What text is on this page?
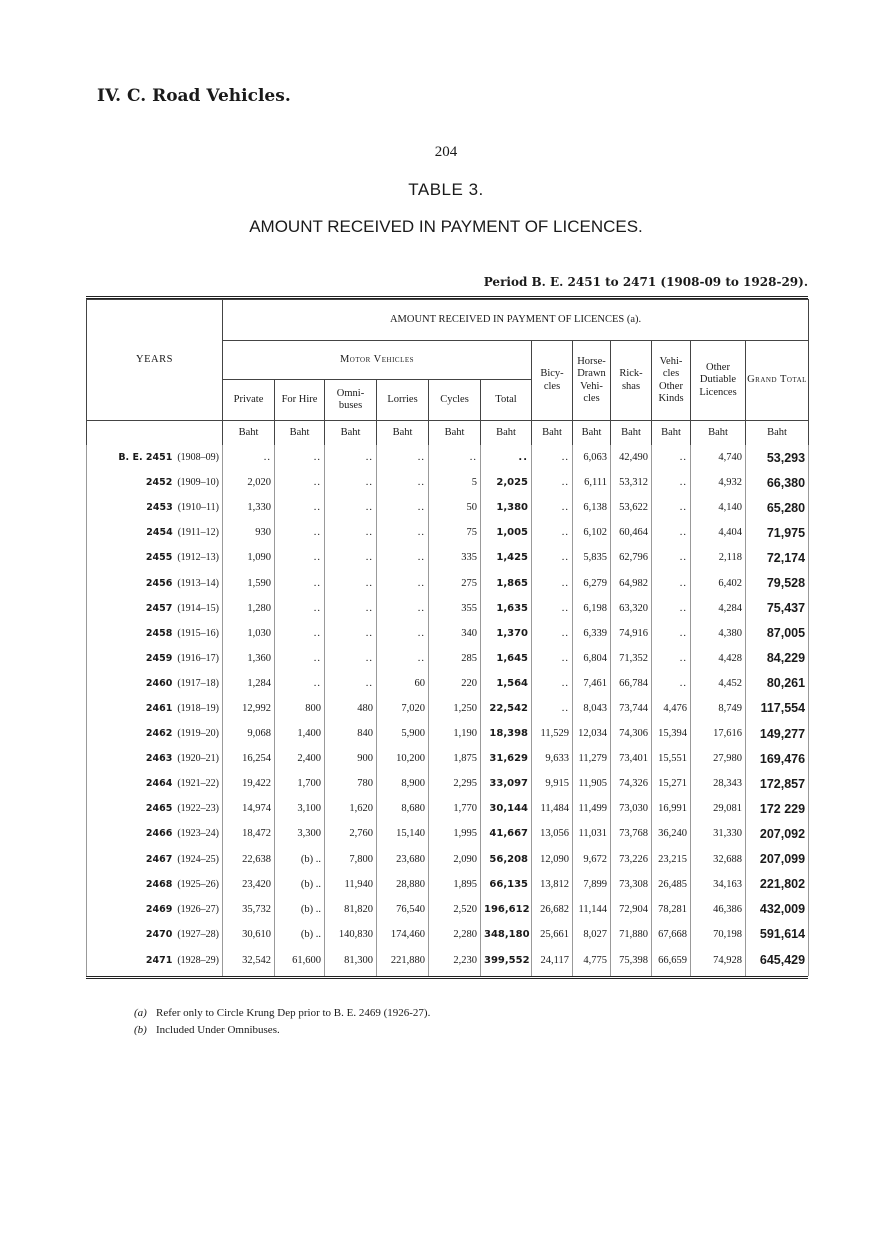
IV. C. Road Vehicles.
204
TABLE 3.
AMOUNT RECEIVED IN PAYMENT OF LICENCES.
Period B. E. 2451 to 2471 (1908-09 to 1928-29).
YEARS	AMOUNT RECEIVED IN PAYMENT OF LICENCES (a).											
	Motor Vehicles						Bicy-cles	Horse-Drawn Vehi-cles	Rick-shas	Vehi-cles Other Kinds	Other Dutiable Licences	Grand Total
	Private	For Hire	Omni-buses	Lorries	Cycles	Total						
	Baht	Baht	Baht	Baht	Baht	Baht	Baht	Baht	Baht	Baht	Baht	Baht
B. E. 2451 (1908–09)	..	..	..	..	..	..	..	6,063	42,490	..	4,740	53,293
2452 (1909–10)	2,020	..	..	..	5	2,025	..	6,111	53,312	..	4,932	66,380
2453 (1910–11)	1,330	..	..	..	50	1,380	..	6,138	53,622	..	4,140	65,280
2454 (1911–12)	930	..	..	..	75	1,005	..	6,102	60,464	..	4,404	71,975
2455 (1912–13)	1,090	..	..	..	335	1,425	..	5,835	62,796	..	2,118	72,174
2456 (1913–14)	1,590	..	..	..	275	1,865	..	6,279	64,982	..	6,402	79,528
2457 (1914–15)	1,280	..	..	..	355	1,635	..	6,198	63,320	..	4,284	75,437
2458 (1915–16)	1,030	..	..	..	340	1,370	..	6,339	74,916	..	4,380	87,005
2459 (1916–17)	1,360	..	..	..	285	1,645	..	6,804	71,352	..	4,428	84,229
2460 (1917–18)	1,284	..	..	60	220	1,564	..	7,461	66,784	..	4,452	80,261
2461 (1918–19)	12,992	800	480	7,020	1,250	22,542	..	8,043	73,744	4,476	8,749	117,554
2462 (1919–20)	9,068	1,400	840	5,900	1,190	18,398	11,529	12,034	74,306	15,394	17,616	149,277
2463 (1920–21)	16,254	2,400	900	10,200	1,875	31,629	9,633	11,279	73,401	15,551	27,980	169,476
2464 (1921–22)	19,422	1,700	780	8,900	2,295	33,097	9,915	11,905	74,326	15,271	28,343	172,857
2465 (1922–23)	14,974	3,100	1,620	8,680	1,770	30,144	11,484	11,499	73,030	16,991	29,081	172 229
2466 (1923–24)	18,472	3,300	2,760	15,140	1,995	41,667	13,056	11,031	73,768	36,240	31,330	207,092
2467 (1924–25)	22,638	(b) ..	7,800	23,680	2,090	56,208	12,090	9,672	73,226	23,215	32,688	207,099
2468 (1925–26)	23,420	(b) ..	11,940	28,880	1,895	66,135	13,812	7,899	73,308	26,485	34,163	221,802
2469 (1926–27)	35,732	(b) ..	81,820	76,540	2,520	196,612	26,682	11,144	72,904	78,281	46,386	432,009
2470 (1927–28)	30,610	(b) ..	140,830	174,460	2,280	348,180	25,661	8,027	71,880	67,668	70,198	591,614
2471 (1928–29)	32,542	61,600	81,300	221,880	2,230	399,552	24,117	4,775	75,398	66,659	74,928	645,429
(a) Refer only to Circle Krung Dep prior to B. E. 2469 (1926-27).
(b) Included Under Omnibuses.
